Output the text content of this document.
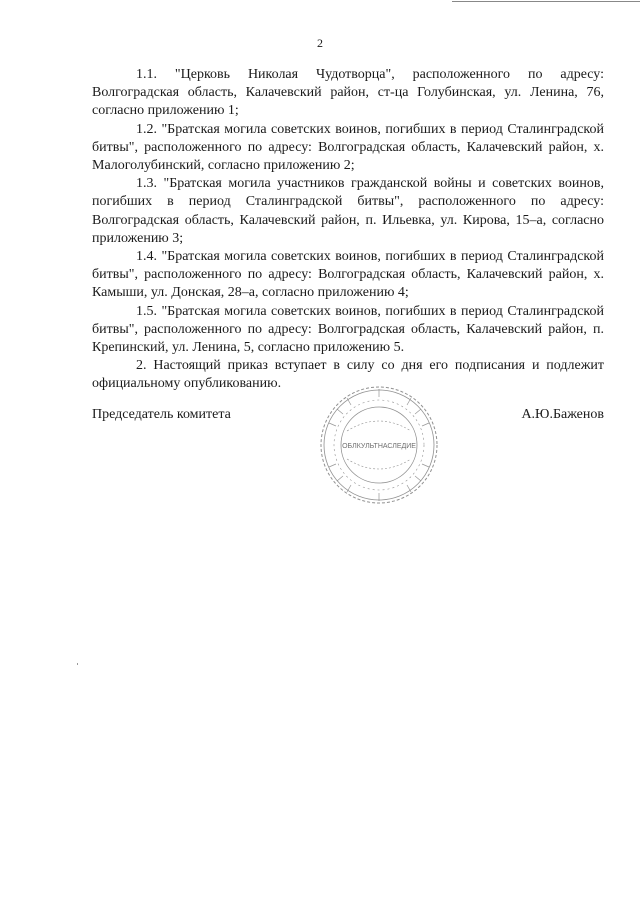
2

1.1. "Церковь Николая Чудотворца", расположенного по адресу: Волгоградская область, Калачевский район, ст-ца Голубинская, ул. Ленина, 76, согласно приложению 1;

1.2. "Братская могила советских воинов, погибших в период Сталинградской битвы", расположенного по адресу: Волгоградская область, Калачевский район, х. Малоголубинский, согласно приложению 2;

1.3. "Братская могила участников гражданской войны и советских воинов, погибших в период Сталинградской битвы", расположенного по адресу: Волгоградская область, Калачевский район, п. Ильевка, ул. Кирова, 15–а, согласно приложению 3;

1.4. "Братская могила советских воинов, погибших в период Сталинградской битвы", расположенного по адресу: Волгоградская область, Калачевский район, х. Камыши, ул. Донская, 28–а, согласно приложению 4;

1.5. "Братская могила советских воинов, погибших в период Сталинградской битвы", расположенного по адресу: Волгоградская область, Калачевский район, п. Крепинский, ул. Ленина, 5, согласно приложению 5.

2. Настоящий приказ вступает в силу со дня его подписания и подлежит официальному опубликованию.

Председатель комитета	А.Ю.Баженов
ОБЛКУЛЬТНАСЛЕДИЕ
